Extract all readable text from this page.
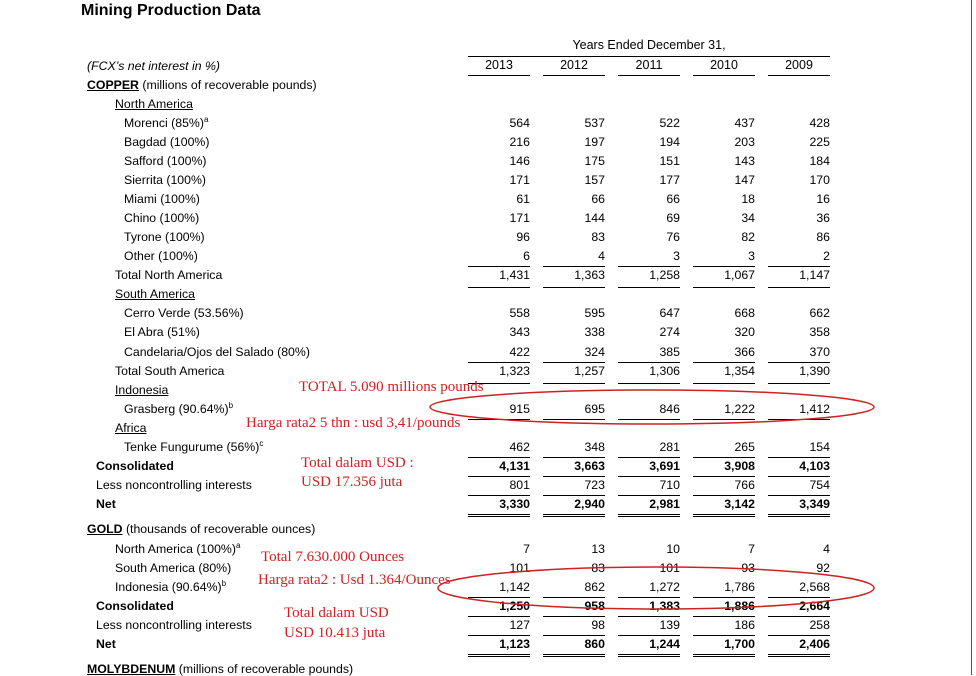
Mining Production Data
Years Ended December 31,
2013	2012	2011	2010	2009
(FCX’s net interest in %)
COPPER (millions of recoverable pounds)
North America
South America
Indonesia
Africa
GOLD (thousands of recoverable ounces)
MOLYBDENUM (millions of recoverable pounds)
Morenci $(85\%)^a$	564	537	522	437	428
Bagdad (100%)	216	197	194	203	225
Safford (100%)	146	175	151	143	184
Sierrita (100%)	171	157	177	147	170
Miami (100%)	61	66	66	18	16
Chino (100%)	171	144	69	34	36
Tyrone (100%)	96	83	76	82	86
Other (100%)	6	4	3	3	2
Total North America	1,431	1,363	1,258	1,067	1,147
Cerro Verde (53.56%)	558	595	647	668	662
El Abra (51%)	343	338	274	320	358
Candelaria/Ojos del Salado (80%)	422	324	385	366	370
Total South America	1,323	1,257	1,306	1,354	1,390
Grasberg $(90.64\%)^b$	915	695	846	1,222	1,412
Tenke Fungurume $(56\%)^c$	462	348	281	265	154
Consolidated	4,131	3,663	3,691	3,908	4,103
Less noncontrolling interests	801	723	710	766	754
Net	3,330	2,940	2,981	3,142	3,349
North America $(100\%)^a$	7	13	10	7	4
South America (80%)	101	83	101	93	92
Indonesia $(90.64\%)^b$	1,142	862	1,272	1,786	2,568
Consolidated	1,250	958	1,383	1,886	2,664
Less noncontrolling interests	127	98	139	186	258
Net	1,123	860	1,244	1,700	2,406
TOTAL 5.090 millions pounds
Harga rata2 5 thn : usd 3,41/pounds
Total dalam USD :
USD 17.356 juta
Total 7.630.000 Ounces
Harga rata2 : Usd 1.364/Ounces
Total dalam USD
USD 10.413 juta
